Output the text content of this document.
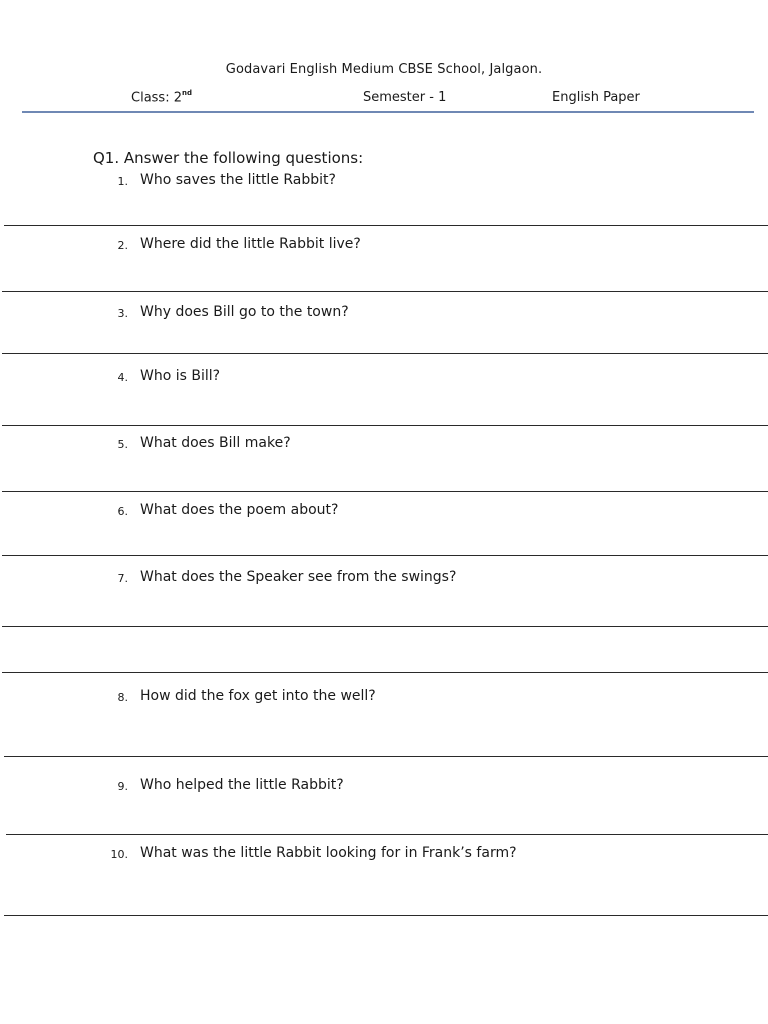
Godavari English Medium CBSE School, Jalgaon.
Class: 2nd	Semester - 1	English Paper
Q1. Answer the following questions:
1. Who saves the little Rabbit?
2. Where did the little Rabbit live?
3. Why does Bill go to the town?
4. Who is Bill?
5. What does Bill make?
6. What does the poem about?
7. What does the Speaker see from the swings?
8. How did the fox get into the well?
9. Who helped the little Rabbit?
10. What was the little Rabbit looking for in Frank’s farm?
